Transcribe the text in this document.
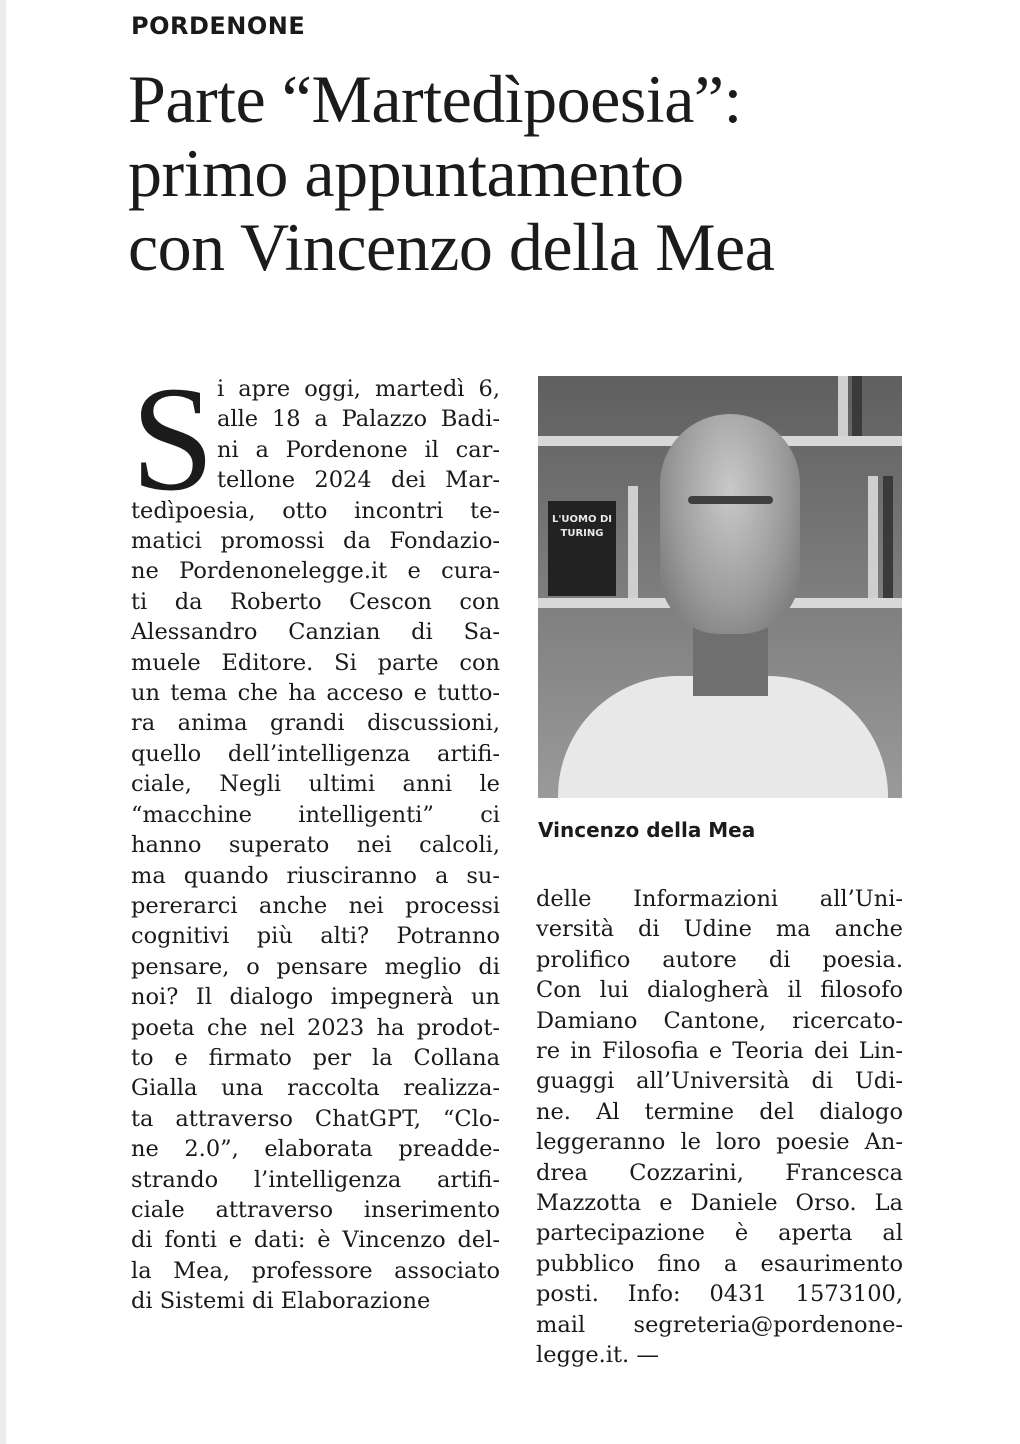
PORDENONE
Parte “Martedìpoesia”:
primo appuntamento
con Vincenzo della Mea
S i apre oggi, martedì 6,
alle 18 a Palazzo Badi-
ni a Pordenone il car-
tellone 2024 dei Mar-
tedìpoesia, otto incontri te-
matici promossi da Fondazio-
ne Pordenonelegge.it e cura-
ti da Roberto Cescon con
Alessandro Canzian di Sa-
muele Editore. Si parte con
un tema che ha acceso e tutto-
ra anima grandi discussioni,
quello dell’intelligenza artifi-
ciale, Negli ultimi anni le
“macchine intelligenti” ci
hanno superato nei calcoli,
ma quando riusciranno a su-
pererarci anche nei processi
cognitivi più alti? Potranno
pensare, o pensare meglio di
noi? Il dialogo impegnerà un
poeta che nel 2023 ha prodot-
to e firmato per la Collana
Gialla una raccolta realizza-
ta attraverso ChatGPT, “Clo-
ne 2.0”, elaborata preadde-
strando l’intelligenza artifi-
ciale attraverso inserimento
di fonti e dati: è Vincenzo del-
la Mea, professore associato
di Sistemi di Elaborazione
L'UOMO DI TURING
Vincenzo della Mea
delle Informazioni all’Uni-
versità di Udine ma anche
prolifico autore di poesia.
Con lui dialogherà il filosofo
Damiano Cantone, ricercato-
re in Filosofia e Teoria dei Lin-
guaggi all’Università di Udi-
ne. Al termine del dialogo
leggeranno le loro poesie An-
drea Cozzarini, Francesca
Mazzotta e Daniele Orso. La
partecipazione è aperta al
pubblico fino a esaurimento
posti. Info: 0431 1573100,
mail segreteria@pordenone-
legge.it. —
